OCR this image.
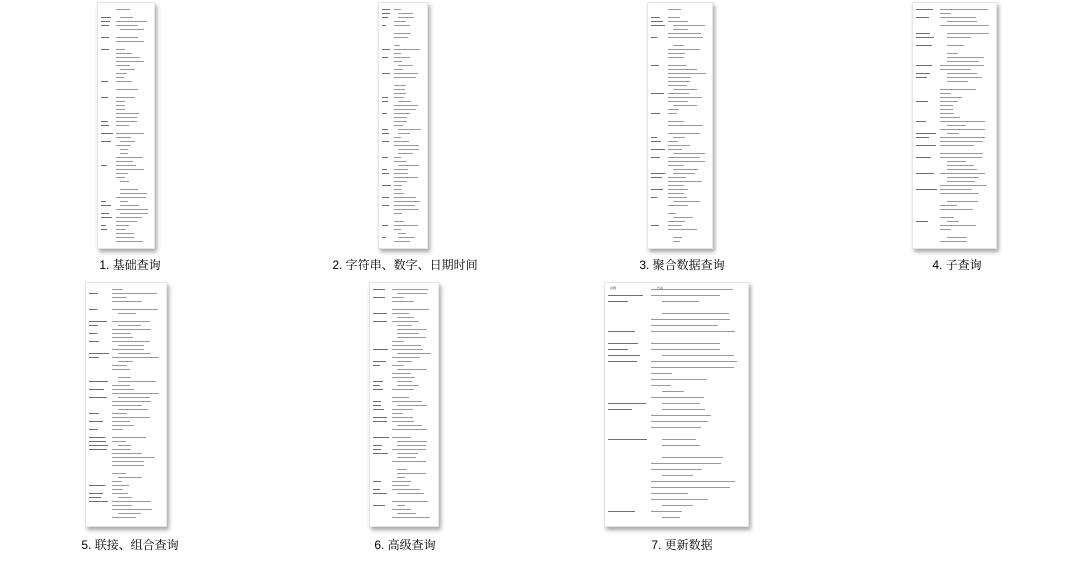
1. 基础查询	2. 字符串、数字、日期时间	3. 聚合数据查询	4. 子查询
5. 联接、组合查询	6. 高级查询
问题	代码
7. 更新数据
